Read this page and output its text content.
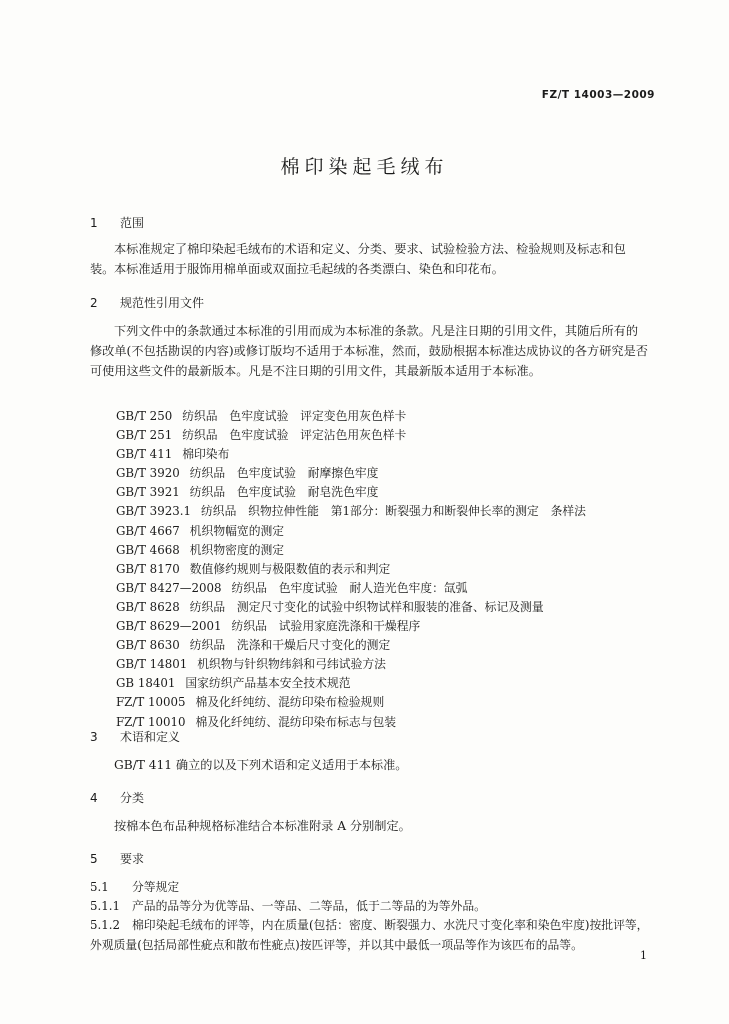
FZ/T 14003—2009
棉印染起毛绒布
1 范围
本标准规定了棉印染起毛绒布的术语和定义、分类、要求、试验检验方法、检验规则及标志和包装。 本标准适用于服饰用棉单面或双面拉毛起绒的各类漂白、染色和印花布。
2 规范性引用文件
下列文件中的条款通过本标准的引用而成为本标准的条款。凡是注日期的引用文件，其随后所有的修改单(不包括勘误的内容)或修订版均不适用于本标准，然而，鼓励根据本标准达成协议的各方研究是否可使用这些文件的最新版本。凡是不注日期的引用文件，其最新版本适用于本标准。
GB/T 250 纺织品　色牢度试验　评定变色用灰色样卡
GB/T 251 纺织品　色牢度试验　评定沾色用灰色样卡
GB/T 411 棉印染布
GB/T 3920 纺织品　色牢度试验　耐摩擦色牢度
GB/T 3921 纺织品　色牢度试验　耐皂洗色牢度
GB/T 3923.1 纺织品　织物拉伸性能　第1部分：断裂强力和断裂伸长率的测定　条样法
GB/T 4667 机织物幅宽的测定
GB/T 4668 机织物密度的测定
GB/T 8170 数值修约规则与极限数值的表示和判定
GB/T 8427—2008 纺织品　色牢度试验　耐人造光色牢度：氙弧
GB/T 8628 纺织品　测定尺寸变化的试验中织物试样和服装的准备、标记及测量
GB/T 8629—2001 纺织品　试验用家庭洗涤和干燥程序
GB/T 8630 纺织品　洗涤和干燥后尺寸变化的测定
GB/T 14801 机织物与针织物纬斜和弓纬试验方法
GB 18401 国家纺织产品基本安全技术规范
FZ/T 10005 棉及化纤纯纺、混纺印染布检验规则
FZ/T 10010 棉及化纤纯纺、混纺印染布标志与包装
3 术语和定义
GB/T 411 确立的以及下列术语和定义适用于本标准。
4 分类
按棉本色布品种规格标准结合本标准附录 A 分别制定。
5 要求
5.1 分等规定
5.1.1 产品的品等分为优等品、一等品、二等品，低于二等品的为等外品。
5.1.2 棉印染起毛绒布的评等，内在质量(包括：密度、断裂强力、水洗尺寸变化率和染色牢度)按批评等，外观质量(包括局部性疵点和散布性疵点)按匹评等，并以其中最低一项品等作为该匹布的品等。
1
